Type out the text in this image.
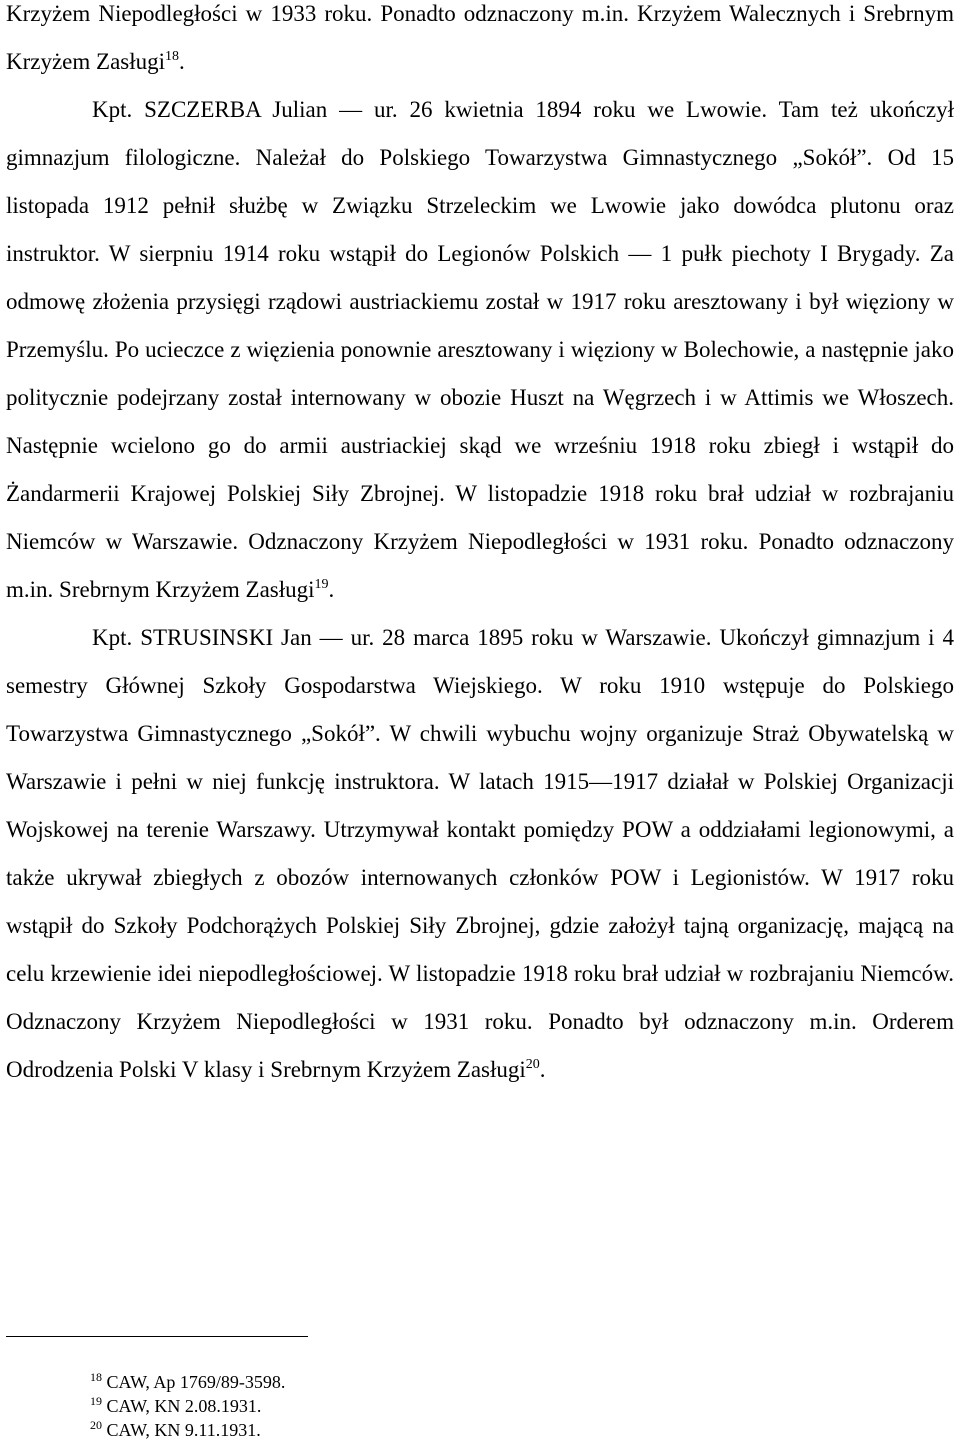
Krzyżem Niepodległości w 1933 roku. Ponadto odznaczony m.in. Krzyżem Walecznych i Srebrnym Krzyżem Zasługi$^{18}$.

Kpt. SZCZERBA Julian — ur. 26 kwietnia 1894 roku we Lwowie. Tam też ukończył gimnazjum filologiczne. Należał do Polskiego Towarzystwa Gimnastycznego „Sokół”. Od 15 listopada 1912 pełnił służbę w Związku Strzeleckim we Lwowie jako dowódca plutonu oraz instruktor. W sierpniu 1914 roku wstąpił do Legionów Polskich — 1 pułk piechoty I Brygady. Za odmowę złożenia przysięgi rządowi austriackiemu został w 1917 roku aresztowany i był więziony w Przemyślu. Po ucieczce z więzienia ponownie aresztowany i więziony w Bolechowie, a następnie jako politycznie podejrzany został internowany w obozie Huszt na Węgrzech i w Attimis we Włoszech. Następnie wcielono go do armii austriackiej skąd we wrześniu 1918 roku zbiegł i wstąpił do Żandarmerii Krajowej Polskiej Siły Zbrojnej. W listopadzie 1918 roku brał udział w rozbrajaniu Niemców w Warszawie. Odznaczony Krzyżem Niepodległości w 1931 roku. Ponadto odznaczony m.in. Srebrnym Krzyżem Zasługi$^{19}$.

Kpt. STRUSINSKI Jan — ur. 28 marca 1895 roku w Warszawie. Ukończył gimnazjum i 4 semestry Głównej Szkoły Gospodarstwa Wiejskiego. W roku 1910 wstępuje do Polskiego Towarzystwa Gimnastycznego „Sokół”. W chwili wybuchu wojny organizuje Straż Obywatelską w Warszawie i pełni w niej funkcję instruktora. W latach 1915—1917 działał w Polskiej Organizacji Wojskowej na terenie Warszawy. Utrzymywał kontakt pomiędzy POW a oddziałami legionowymi, a także ukrywał zbiegłych z obozów internowanych członków POW i Legionistów. W 1917 roku wstąpił do Szkoły Podchorążych Polskiej Siły Zbrojnej, gdzie założył tajną organizację, mającą na celu krzewienie idei niepodległościowej. W listopadzie 1918 roku brał udział w rozbrajaniu Niemców. Odznaczony Krzyżem Niepodległości w 1931 roku. Ponadto był odznaczony m.in. Orderem Odrodzenia Polski V klasy i Srebrnym Krzyżem Zasługi$^{20}$.

$^{18}$ CAW, Ap 1769/89-3598.

$^{19}$ CAW, KN 2.08.1931.

$^{20}$ CAW, KN 9.11.1931.
